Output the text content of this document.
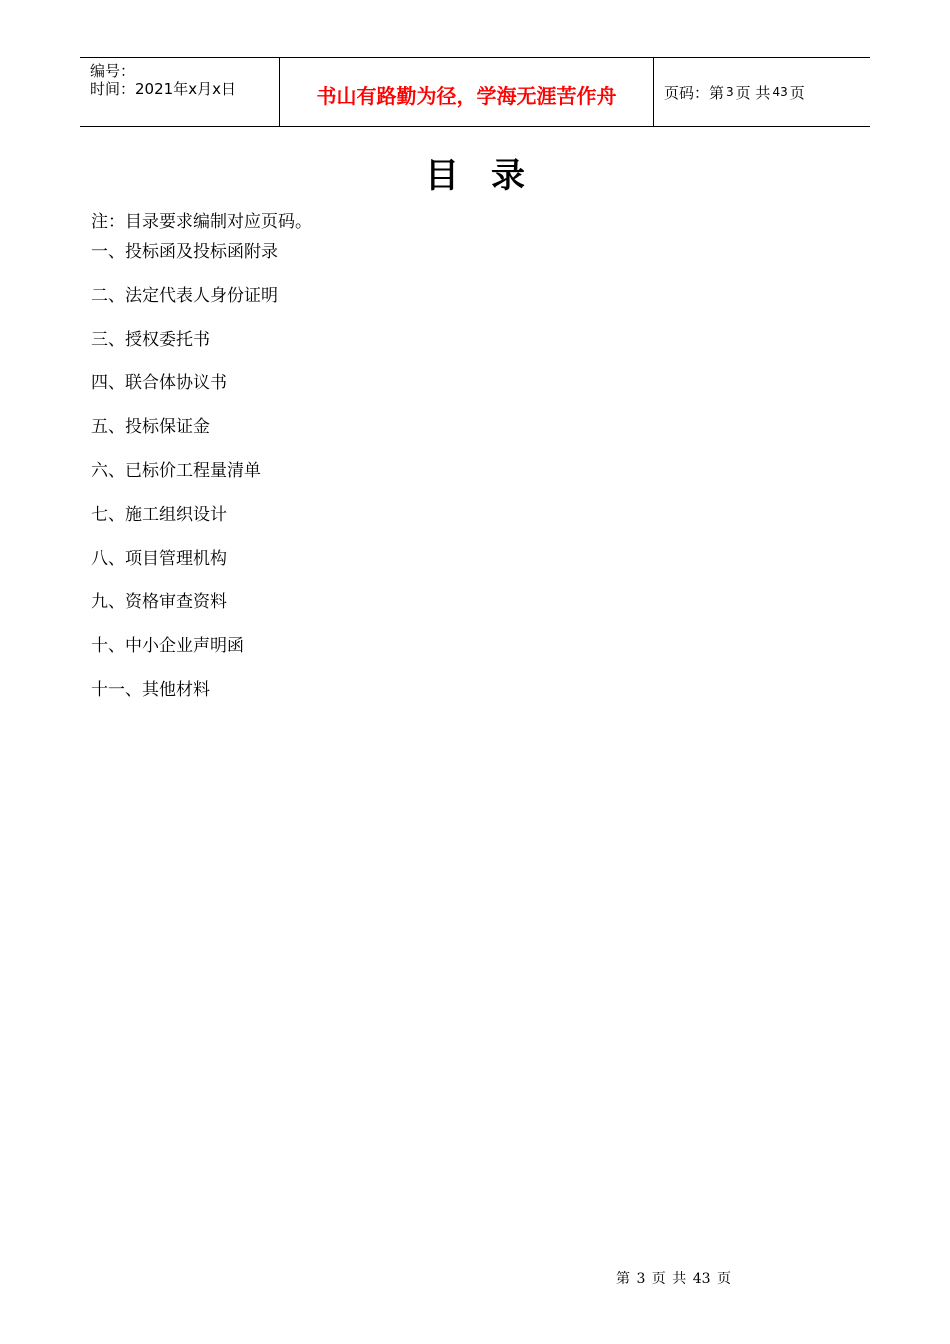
编号：
时间：2021年x月x日	书山有路勤为径，学海无涯苦作舟	页码：第 3 页 共 43 页
目录
注：目录要求编制对应页码。
一、投标函及投标函附录
二、法定代表人身份证明
三、授权委托书
四、联合体协议书
五、投标保证金
六、已标价工程量清单
七、施工组织设计
八、项目管理机构
九、资格审查资料
十、中小企业声明函
十一、其他材料
第 3 页 共 43 页
